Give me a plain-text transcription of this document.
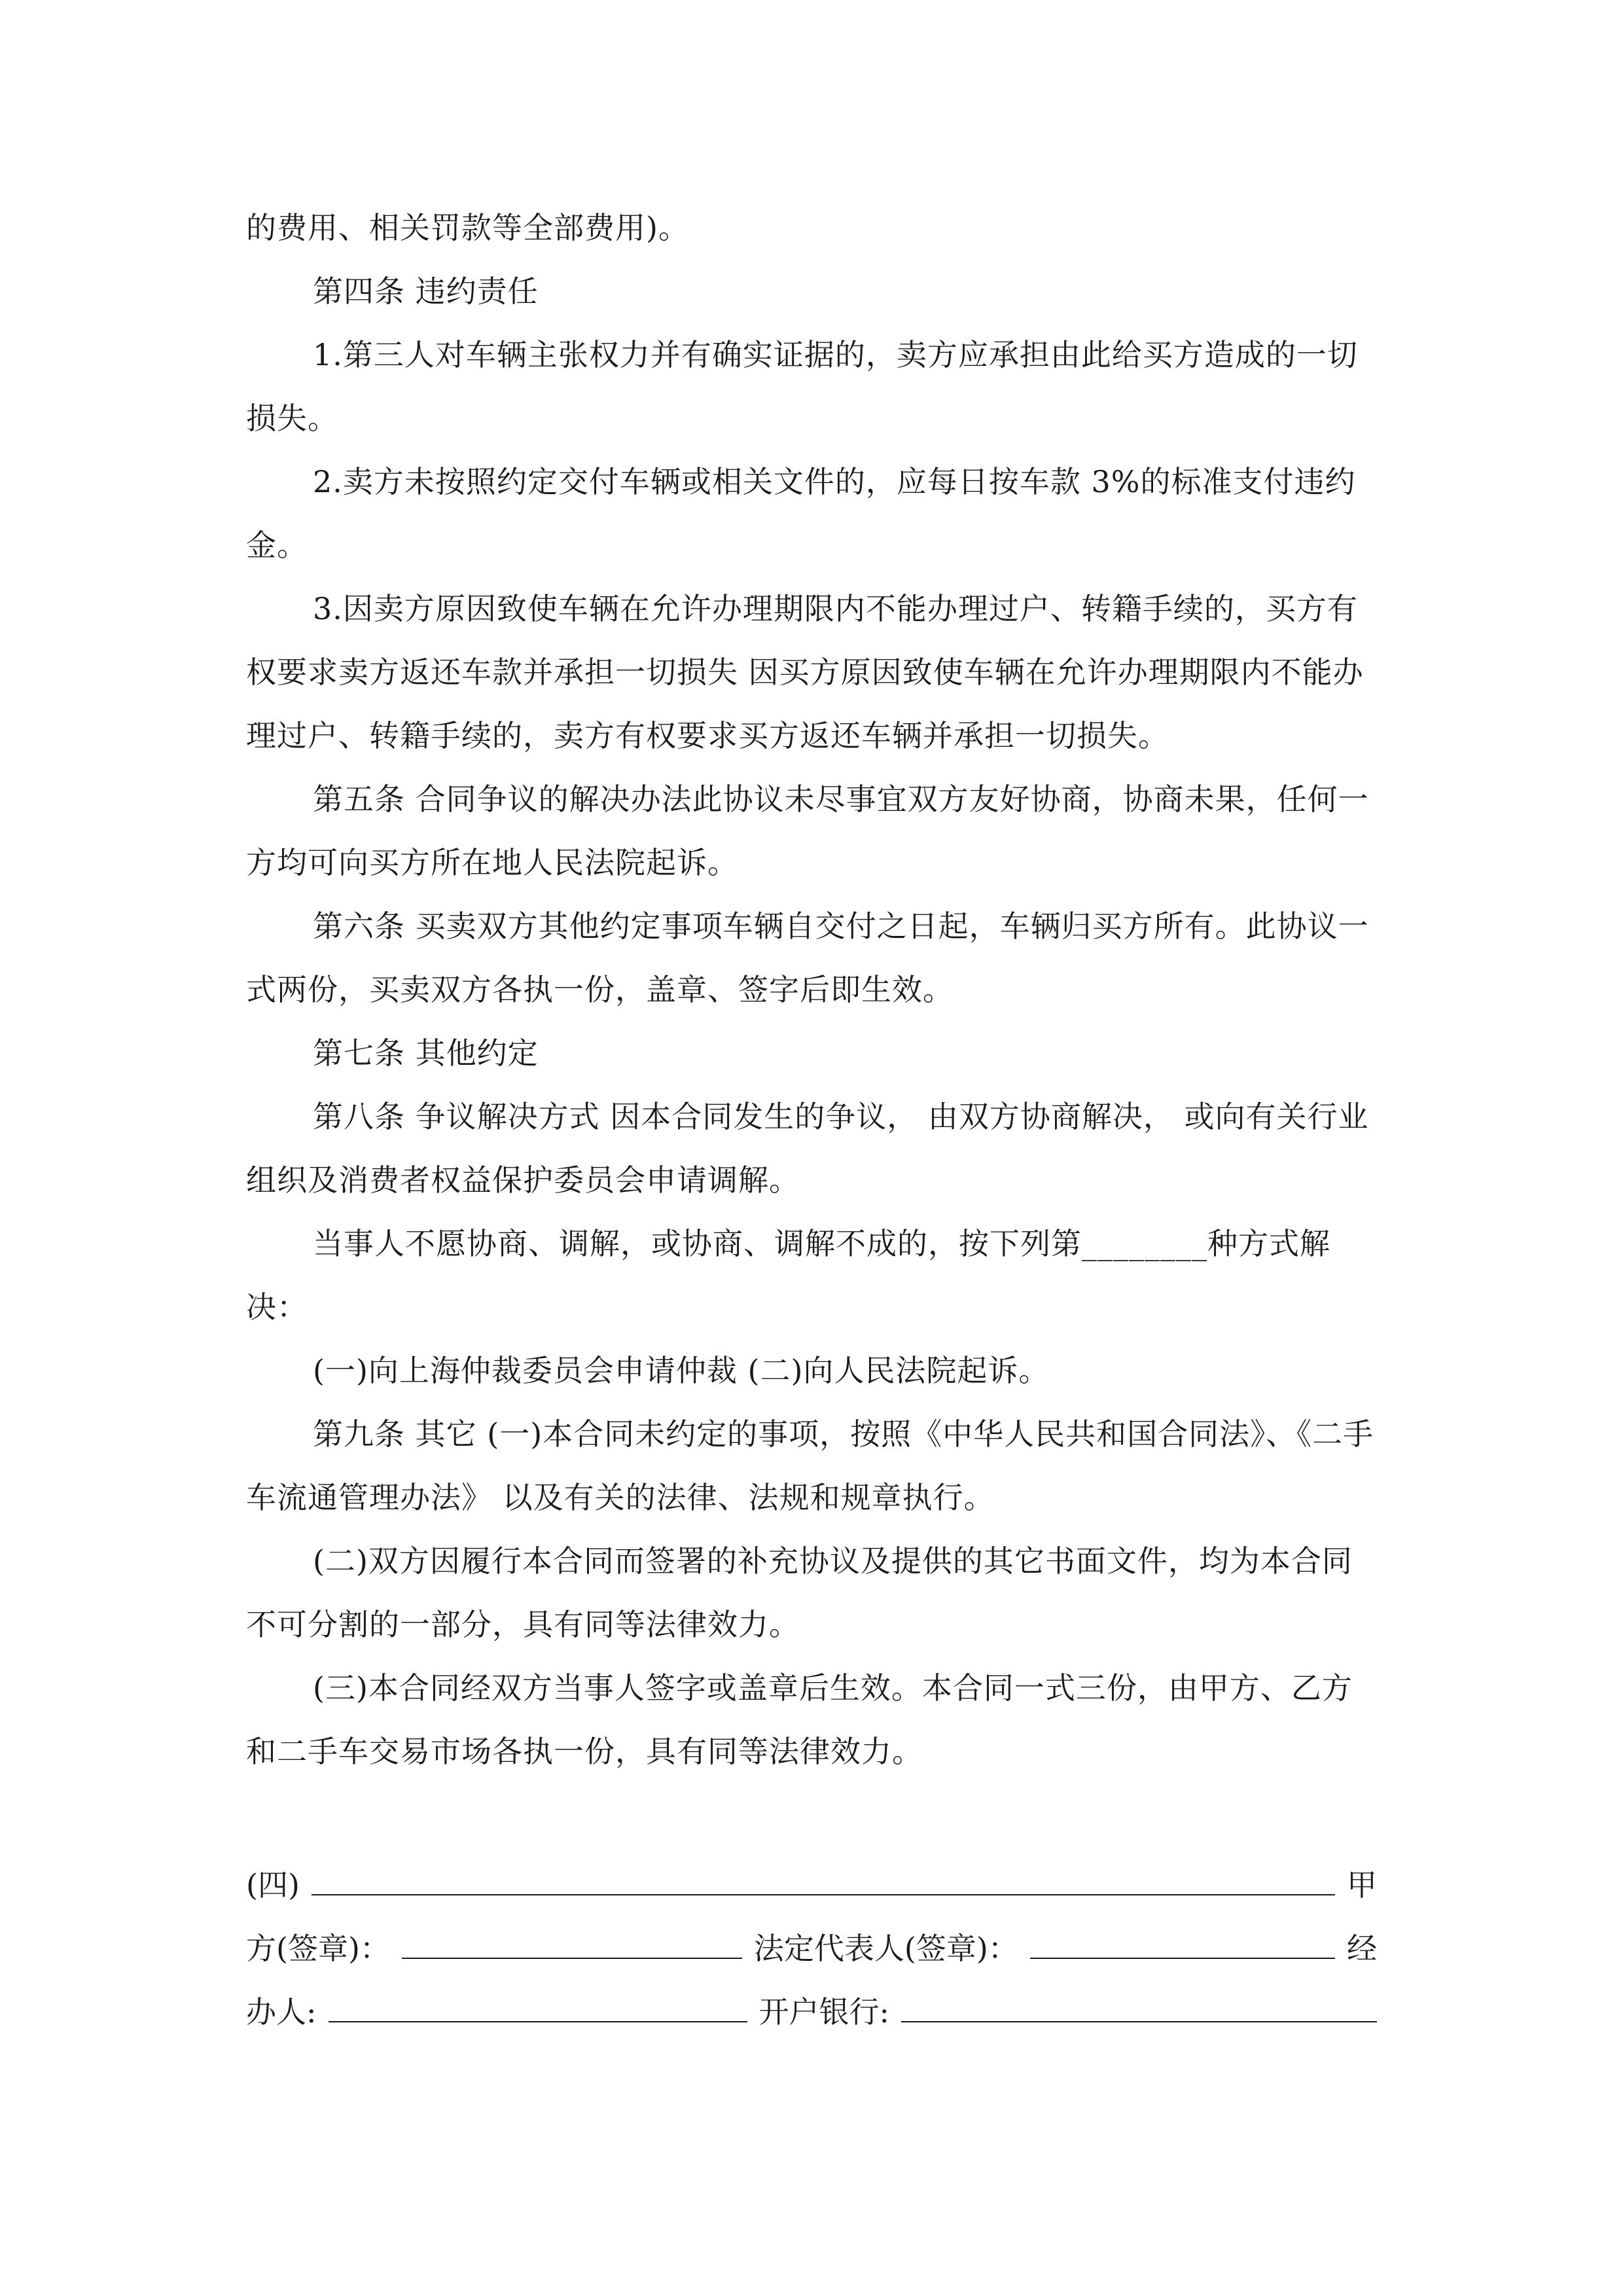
的费用、相关罚款等全部费用)。
第四条 违约责任
1.第三人对车辆主张权力并有确实证据的，卖方应承担由此给买方造成的一切损失。
2.卖方未按照约定交付车辆或相关文件的，应每日按车款 3%的标准支付违约金。
3.因卖方原因致使车辆在允许办理期限内不能办理过户、转籍手续的，买方有权要求卖方返还车款并承担一切损失 因买方原因致使车辆在允许办理期限内不能办理过户、转籍手续的，卖方有权要求买方返还车辆并承担一切损失。
第五条 合同争议的解决办法此协议未尽事宜双方友好协商，协商未果，任何一方均可向买方所在地人民法院起诉。
第六条 买卖双方其他约定事项车辆自交付之日起，车辆归买方所有。此协议一式两份，买卖双方各执一份，盖章、签字后即生效。
第七条 其他约定
第八条 争议解决方式 因本合同发生的争议， 由双方协商解决， 或向有关行业组织及消费者权益保护委员会申请调解。
当事人不愿协商、调解，或协商、调解不成的，按下列第________种方式解决：
(一)向上海仲裁委员会申请仲裁 (二)向人民法院起诉。
第九条 其它 (一)本合同未约定的事项，按照《中华人民共和国合同法》、《二手车流通管理办法》 以及有关的法律、法规和规章执行。
(二)双方因履行本合同而签署的补充协议及提供的其它书面文件，均为本合同不可分割的一部分，具有同等法律效力。
(三)本合同经双方当事人签字或盖章后生效。本合同一式三份，由甲方、乙方和二手车交易市场各执一份，具有同等法律效力。
(四)	甲
方(签章)：	法定代表人(签章)：	经
办人:	开户银行:
